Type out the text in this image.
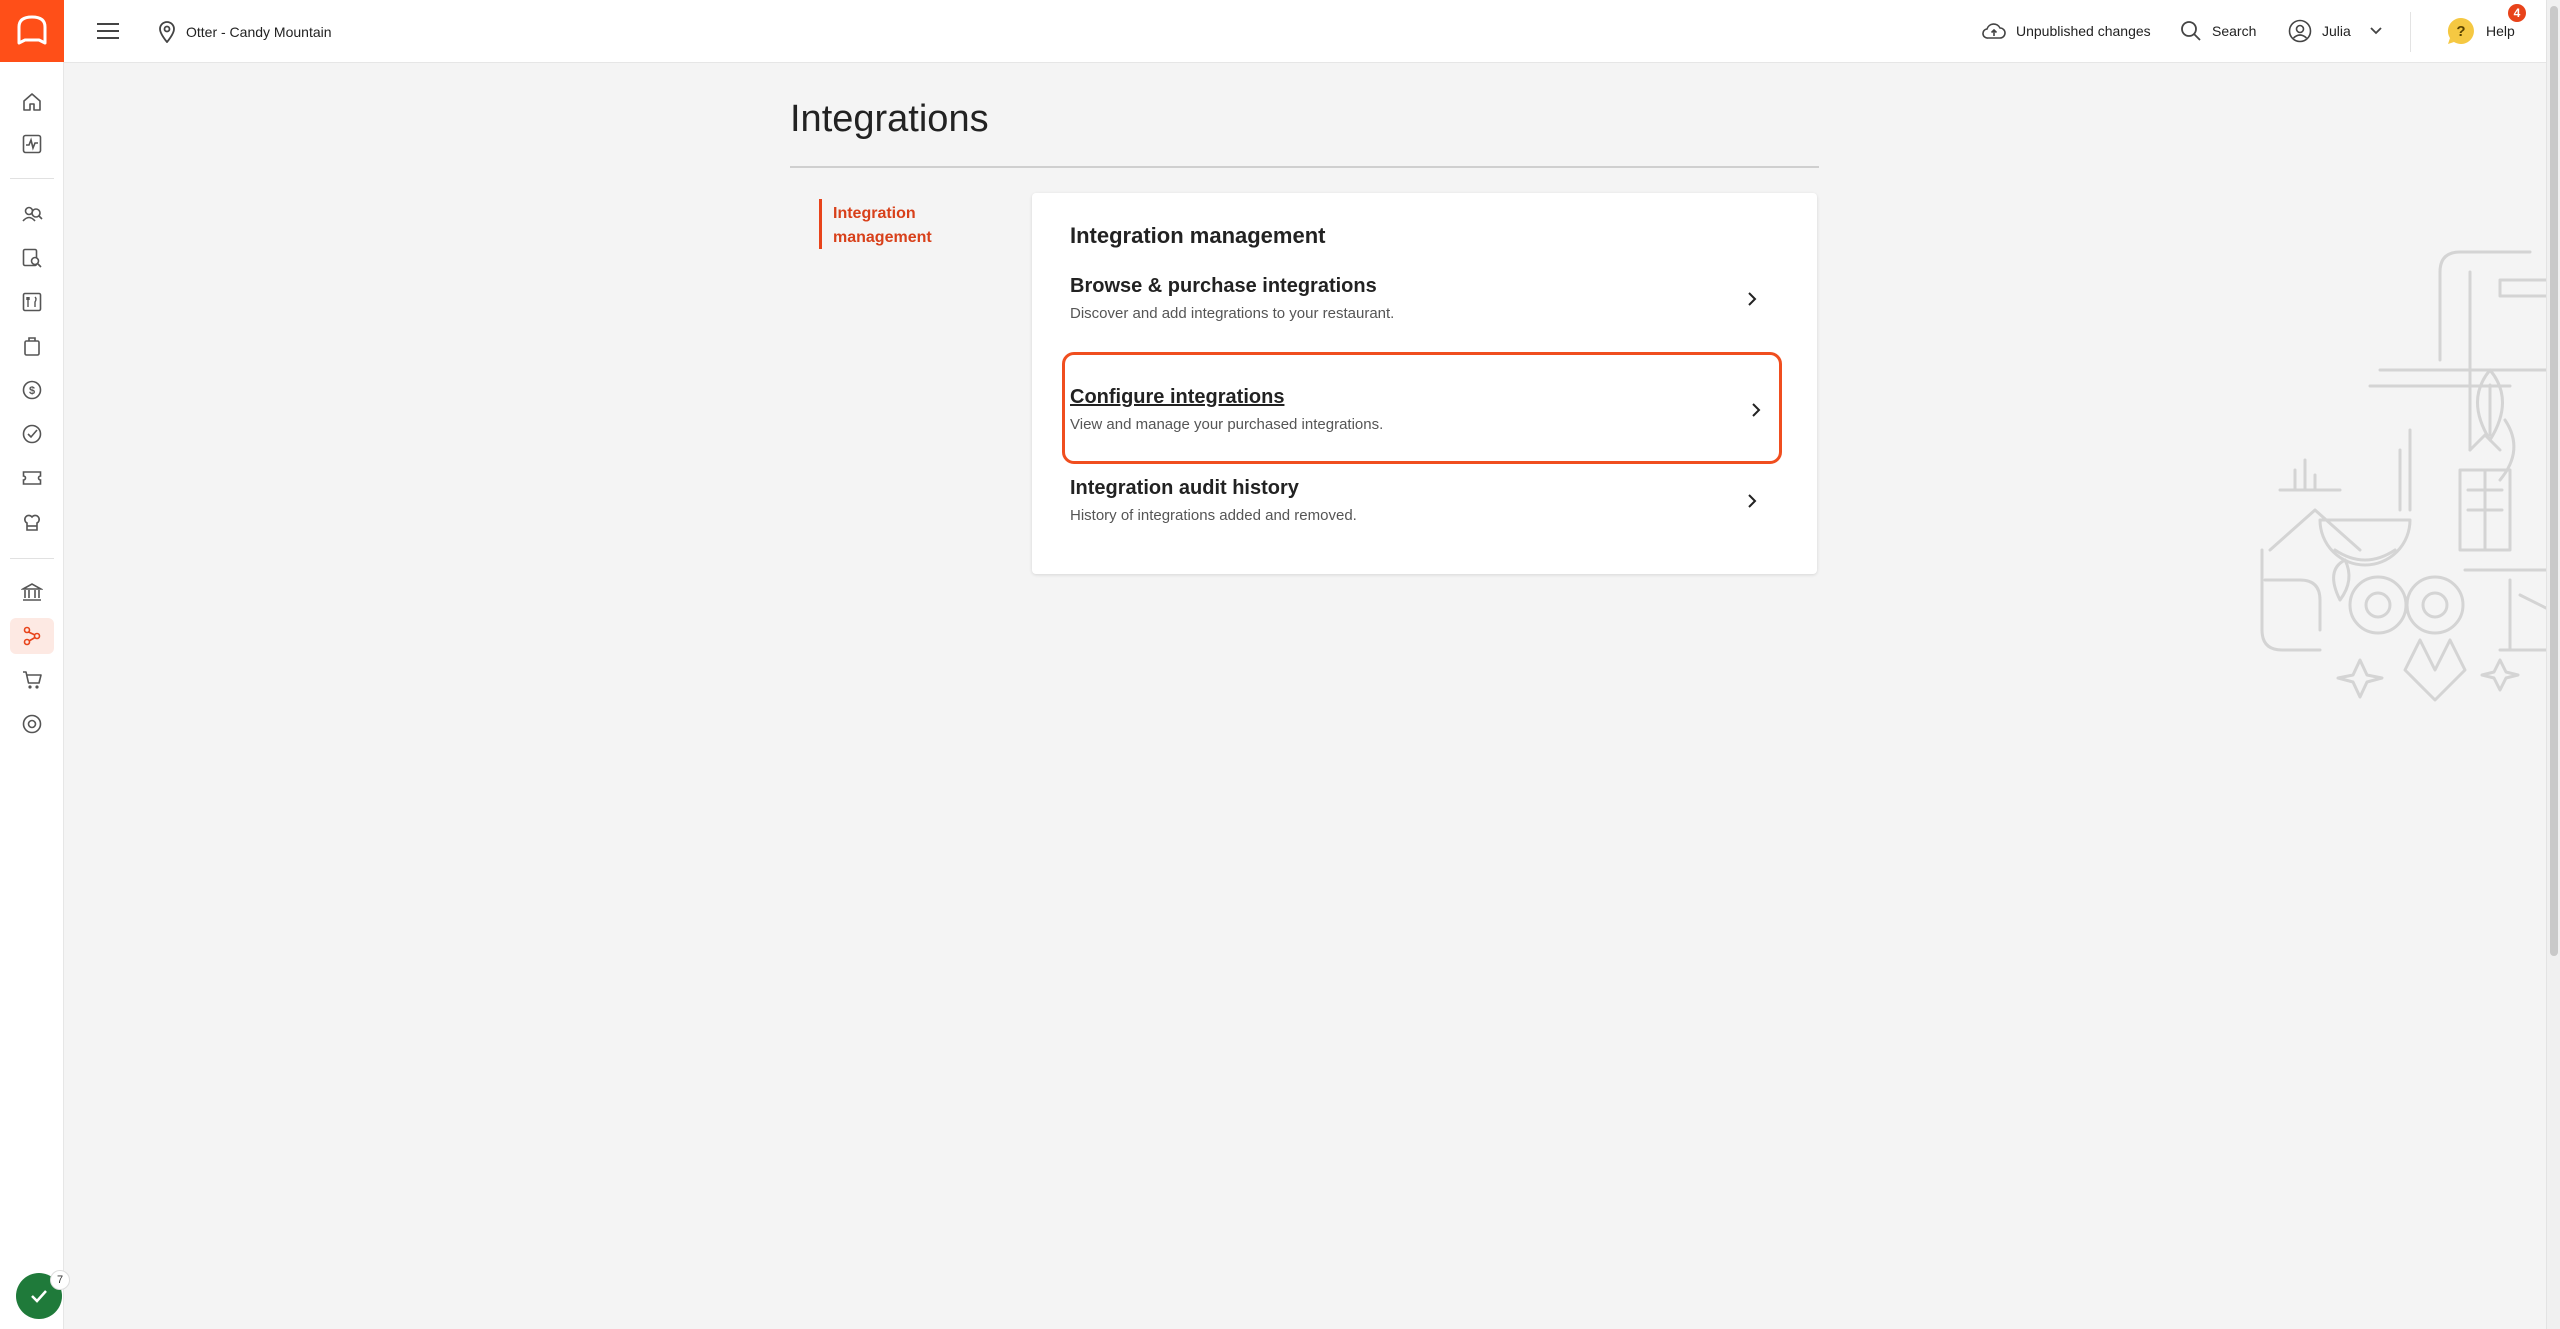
Otter - Candy Mountain	Unpublished changes	Search	Julia	? Help
4
$
7
Integrations
Integration management	Integration management
Browse & purchase integrations
Discover and add integrations to your restaurant.
Configure integrations
View and manage your purchased integrations.
Integration audit history
History of integrations added and removed.
